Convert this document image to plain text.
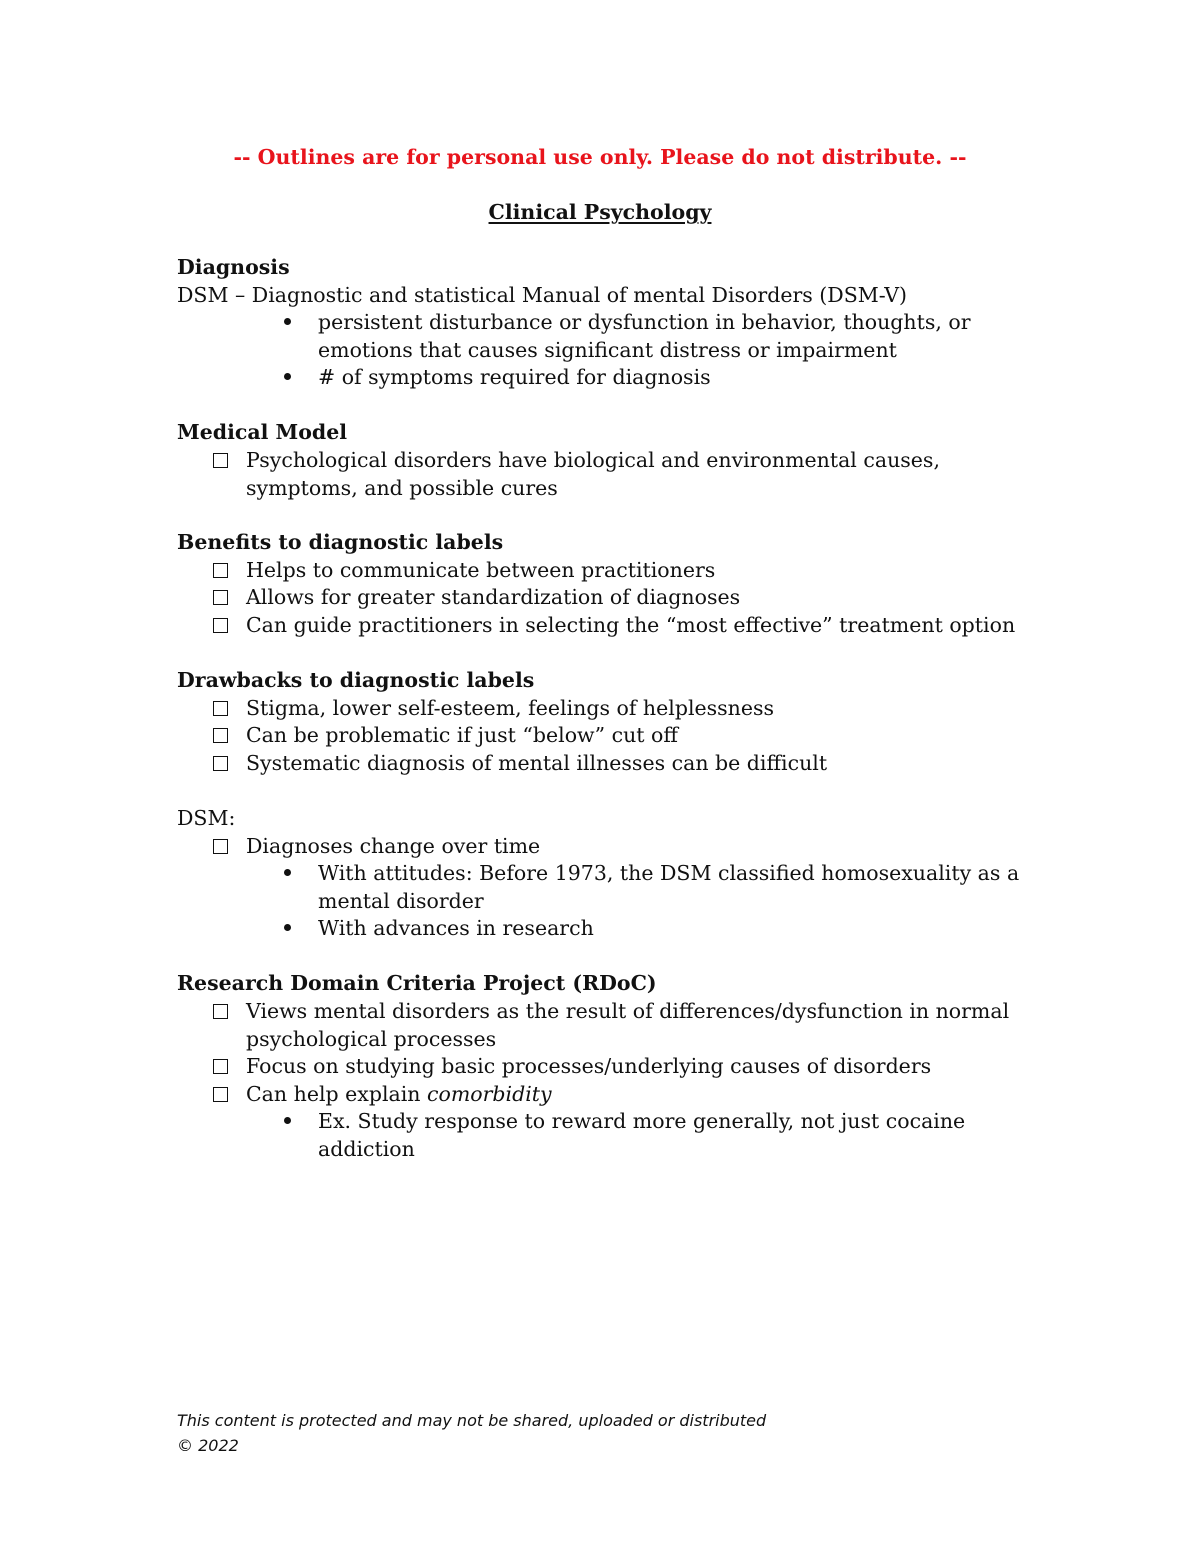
-- Outlines are for personal use only. Please do not distribute. --
Clinical Psychology
Diagnosis
DSM – Diagnostic and statistical Manual of mental Disorders (DSM-V)
persistent disturbance or dysfunction in behavior, thoughts, or
emotions that causes significant distress or impairment
# of symptoms required for diagnosis
Medical Model
Psychological disorders have biological and environmental causes,
symptoms, and possible cures
Benefits to diagnostic labels
Helps to communicate between practitioners
Allows for greater standardization of diagnoses
Can guide practitioners in selecting the “most effective” treatment option
Drawbacks to diagnostic labels
Stigma, lower self-esteem, feelings of helplessness
Can be problematic if just “below” cut off
Systematic diagnosis of mental illnesses can be difficult
DSM:
Diagnoses change over time
With attitudes: Before 1973, the DSM classified homosexuality as a
mental disorder
With advances in research
Research Domain Criteria Project (RDoC)
Views mental disorders as the result of differences/dysfunction in normal
psychological processes
Focus on studying basic processes/underlying causes of disorders
Can help explain comorbidity
Ex. Study response to reward more generally, not just cocaine
addiction
This content is protected and may not be shared, uploaded or distributed
© 2022
